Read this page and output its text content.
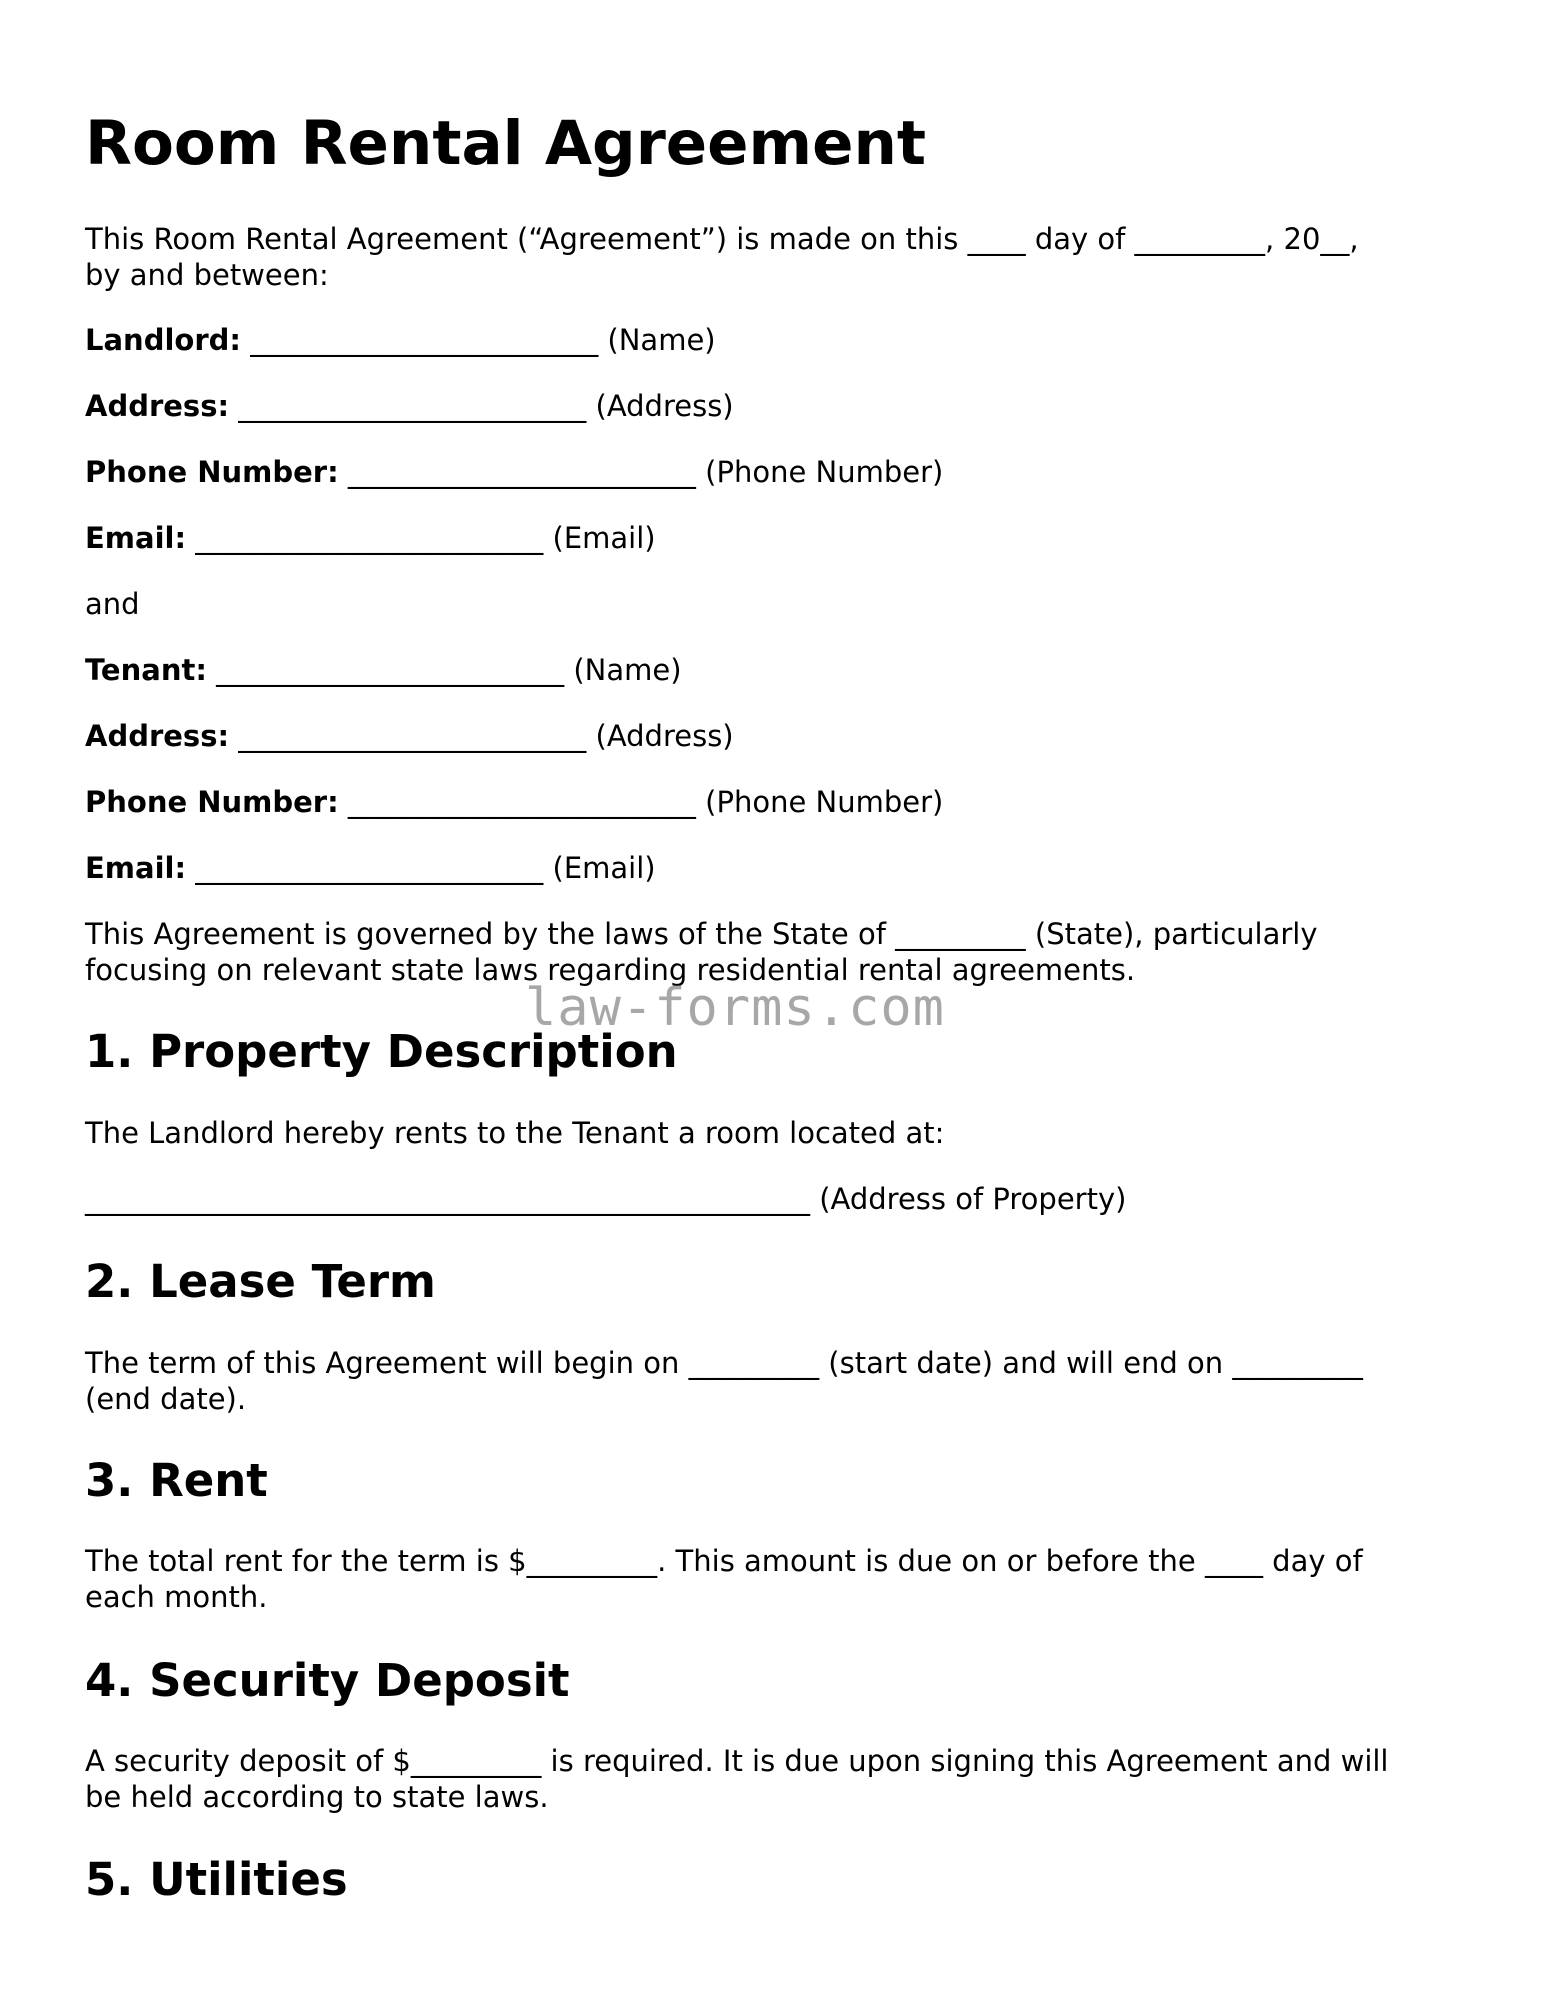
Room Rental Agreement

This Room Rental Agreement (“Agreement”) is made on this ____ day of _________, 20__,

by and between:

Landlord: ________________________ (Name)

Address: ________________________ (Address)

Phone Number: ________________________ (Phone Number)

Email: ________________________ (Email)

and

Tenant: ________________________ (Name)

Address: ________________________ (Address)

Phone Number: ________________________ (Phone Number)

Email: ________________________ (Email)

This Agreement is governed by the laws of the State of _________ (State), particularly

focusing on relevant state laws regarding residential rental agreements.

1. Property Description

The Landlord hereby rents to the Tenant a room located at:

__________________________________________________ (Address of Property)

2. Lease Term

The term of this Agreement will begin on _________ (start date) and will end on _________

(end date).

3. Rent

The total rent for the term is $_________. This amount is due on or before the ____ day of

each month.

4. Security Deposit

A security deposit of $_________ is required. It is due upon signing this Agreement and will

be held according to state laws.

5. Utilities
law-forms.com
